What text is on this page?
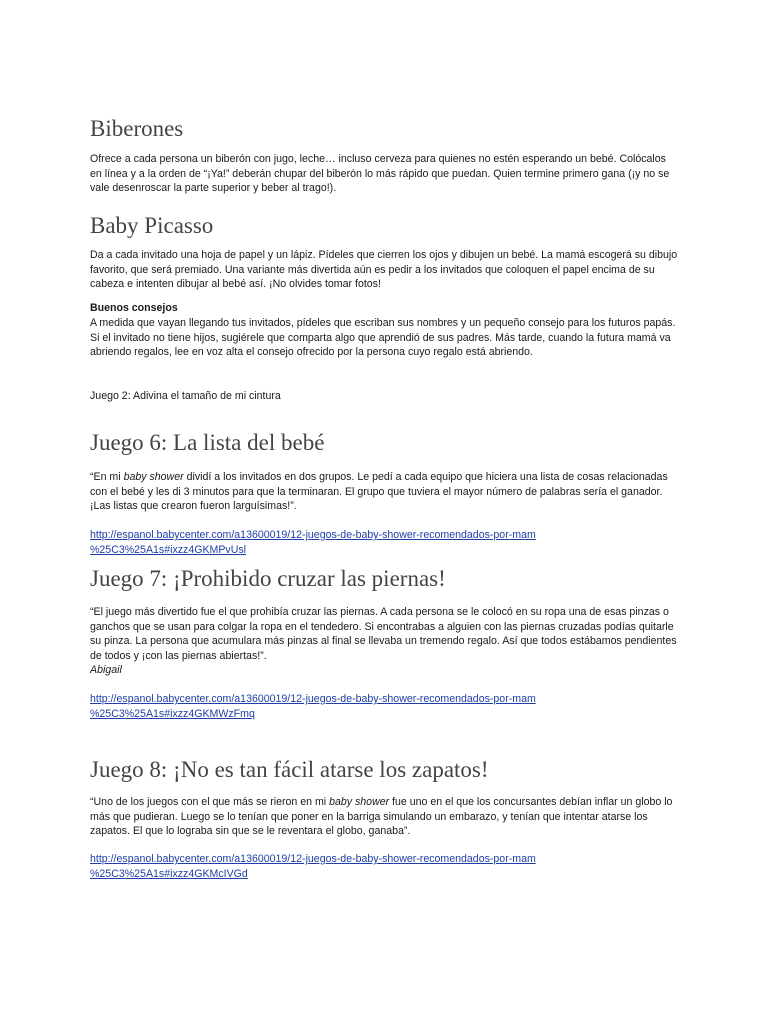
Biberones

Ofrece a cada persona un biberón con jugo, leche… incluso cerveza para quienes no estén esperando un bebé. Colócalos en línea y a la orden de “¡Ya!” deberán chupar del biberón lo más rápido que puedan. Quien termine primero gana (¡y no se vale desenroscar la parte superior y beber al trago!).

Baby Picasso

Da a cada invitado una hoja de papel y un lápiz. Pídeles que cierren los ojos y dibujen un bebé. La mamá escogerá su dibujo favorito, que será premiado. Una variante más divertida aún es pedir a los invitados que coloquen el papel encima de su cabeza e intenten dibujar al bebé así. ¡No olvides tomar fotos!

Buenos consejos

A medida que vayan llegando tus invitados, pídeles que escriban sus nombres y un pequeño consejo para los futuros papás. Si el invitado no tiene hijos, sugiérele que comparta algo que aprendió de sus padres. Más tarde, cuando la futura mamá va abriendo regalos, lee en voz alta el consejo ofrecido por la persona cuyo regalo está abriendo.

Juego 2: Adivina el tamaño de mi cintura

Juego 6: La lista del bebé

“En mi baby shower dividí a los invitados en dos grupos. Le pedí a cada equipo que hiciera una lista de cosas relacionadas con el bebé y les di 3 minutos para que la terminaran. El grupo que tuviera el mayor número de palabras sería el ganador. ¡Las listas que crearon fueron larguísimas!”.

http://espanol.babycenter.com/a13600019/12-juegos-de-baby-shower-recomendados-por-mam
%25C3%25A1s#ixzz4GKMPvUsl
Juego 7: ¡Prohibido cruzar las piernas!

“El juego más divertido fue el que prohibía cruzar las piernas. A cada persona se le colocó en su ropa una de esas pinzas o ganchos que se usan para colgar la ropa en el tendedero. Si encontrabas a alguien con las piernas cruzadas podías quitarle su pinza. La persona que acumulara más pinzas al final se llevaba un tremendo regalo. Así que todos estábamos pendientes de todos y ¡con las piernas abiertas!”.

Abigail
http://espanol.babycenter.com/a13600019/12-juegos-de-baby-shower-recomendados-por-mam
%25C3%25A1s#ixzz4GKMWzFmq
Juego 8: ¡No es tan fácil atarse los zapatos!

“Uno de los juegos con el que más se rieron en mi baby shower fue uno en el que los concursantes debían inflar un globo lo más que pudieran. Luego se lo tenían que poner en la barriga simulando un embarazo, y tenían que intentar atarse los zapatos. El que lo lograba sin que se le reventara el globo, ganaba”.

http://espanol.babycenter.com/a13600019/12-juegos-de-baby-shower-recomendados-por-mam
%25C3%25A1s#ixzz4GKMcIVGd
